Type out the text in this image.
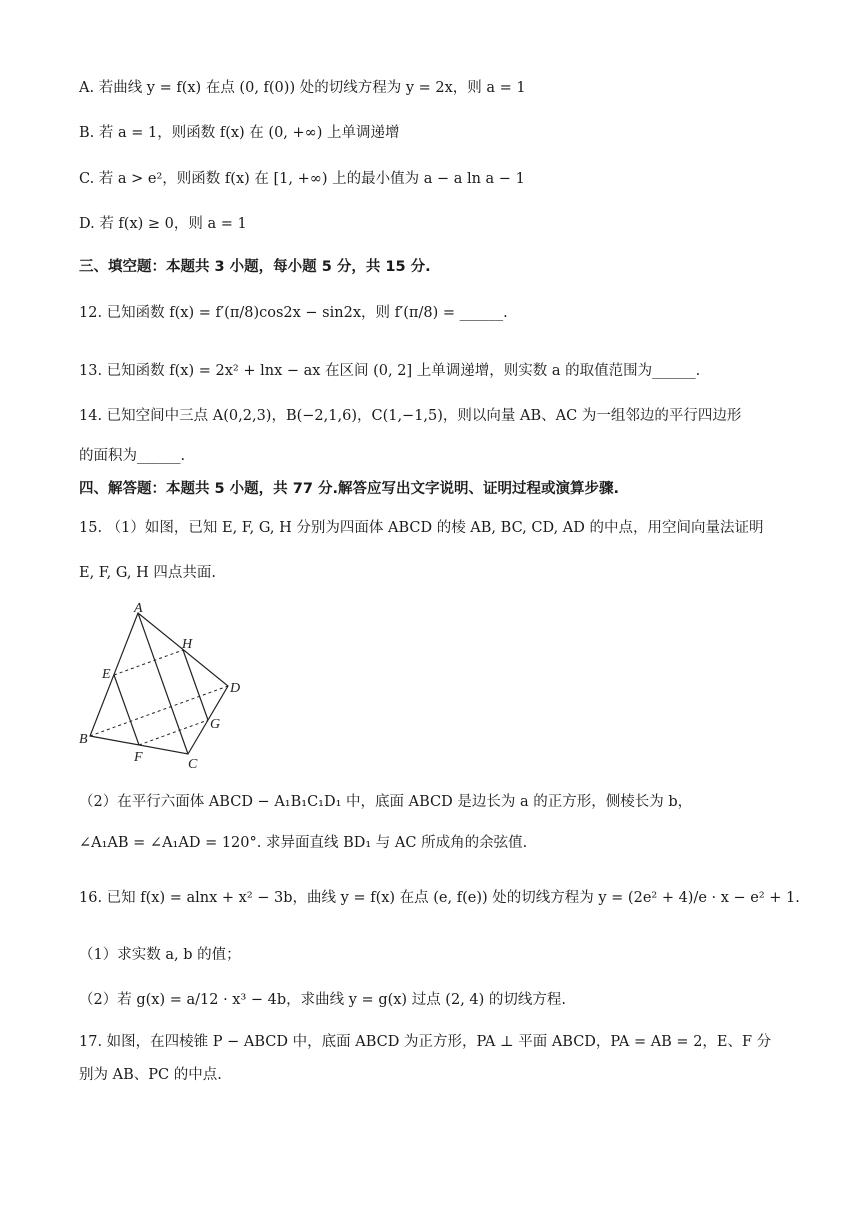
A. 若曲线 y = f(x) 在点 (0, f(0)) 处的切线方程为 y = 2x，则 a = 1
B. 若 a = 1，则函数 f(x) 在 (0, +∞) 上单调递增
C. 若 a > e²，则函数 f(x) 在 [1, +∞) 上的最小值为 a − a ln a − 1
D. 若 f(x) ≥ 0，则 a = 1
三、填空题：本题共 3 小题，每小题 5 分，共 15 分.
12. 已知函数 f(x) = f′(π/8)cos2x − sin2x，则 f′(π/8) = ______.
13. 已知函数 f(x) = 2x² + lnx − ax 在区间 (0, 2] 上单调递增，则实数 a 的取值范围为______.
14. 已知空间中三点 A(0,2,3)，B(−2,1,6)，C(1,−1,5)，则以向量 AB、AC 为一组邻边的平行四边形
的面积为______.
四、解答题：本题共 5 小题，共 77 分.解答应写出文字说明、证明过程或演算步骤.
15. （1）如图，已知 E, F, G, H 分别为四面体 ABCD 的棱 AB, BC, CD, AD 的中点，用空间向量法证明
E, F, G, H 四点共面.
A
B
C
D
E
F
G
H
（2）在平行六面体 ABCD − A₁B₁C₁D₁ 中，底面 ABCD 是边长为 a 的正方形，侧棱长为 b，
∠A₁AB = ∠A₁AD = 120°. 求异面直线 BD₁ 与 AC 所成角的余弦值.
16. 已知 f(x) = alnx + x² − 3b，曲线 y = f(x) 在点 (e, f(e)) 处的切线方程为 y = (2e² + 4)/e · x − e² + 1.
（1）求实数 a, b 的值；
（2）若 g(x) = a/12 · x³ − 4b，求曲线 y = g(x) 过点 (2, 4) 的切线方程.
17. 如图，在四棱锥 P − ABCD 中，底面 ABCD 为正方形，PA ⊥ 平面 ABCD，PA = AB = 2，E、F 分
别为 AB、PC 的中点.
